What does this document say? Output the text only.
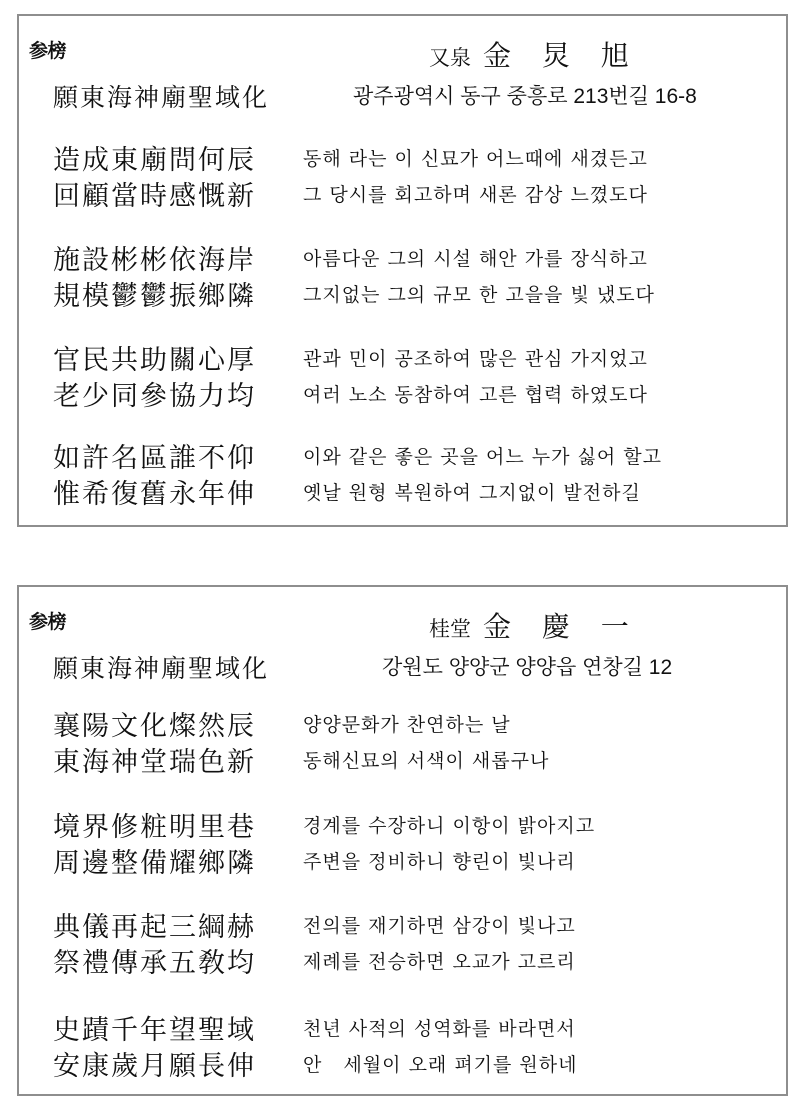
参榜	又泉 金 炅 旭
願東海神廟聖域化	광주광역시 동구 중흥로 213번길 16-8
造成東廟問何辰 동해 라는 이 신묘가 어느때에 새겼든고
回顧當時感慨新 그 당시를 회고하며 새론 감상 느꼈도다
施設彬彬依海岸 아름다운 그의 시설 해안 가를 장식하고
規模鬱鬱振鄉隣 그지없는 그의 규모 한 고을을 빛 냈도다
官民共助關心厚 관과 민이 공조하여 많은 관심 가지었고
老少同參協力均 여러 노소 동참하여 고른 협력 하였도다
如許名區誰不仰 이와 같은 좋은 곳을 어느 누가 싫어 할고
惟希復舊永年伸 옛날 원형 복원하여 그지없이 발전하길
参榜	桂堂 金 慶 一
願東海神廟聖域化	강원도 양양군 양양읍 연창길 12
襄陽文化燦然辰 양양문화가 찬연하는 날
東海神堂瑞色新 동해신묘의 서색이 새롭구나
境界修粧明里巷 경계를 수장하니 이항이 밝아지고
周邊整備耀鄉隣 주변을 정비하니 향린이 빛나리
典儀再起三綱赫 전의를 재기하면 삼강이 빛나고
祭禮傳承五敎均 제례를 전승하면 오교가 고르리
史蹟千年望聖域 천년 사적의 성역화를 바라면서
安康歲月願長伸 안   세월이 오래 펴기를 원하네
